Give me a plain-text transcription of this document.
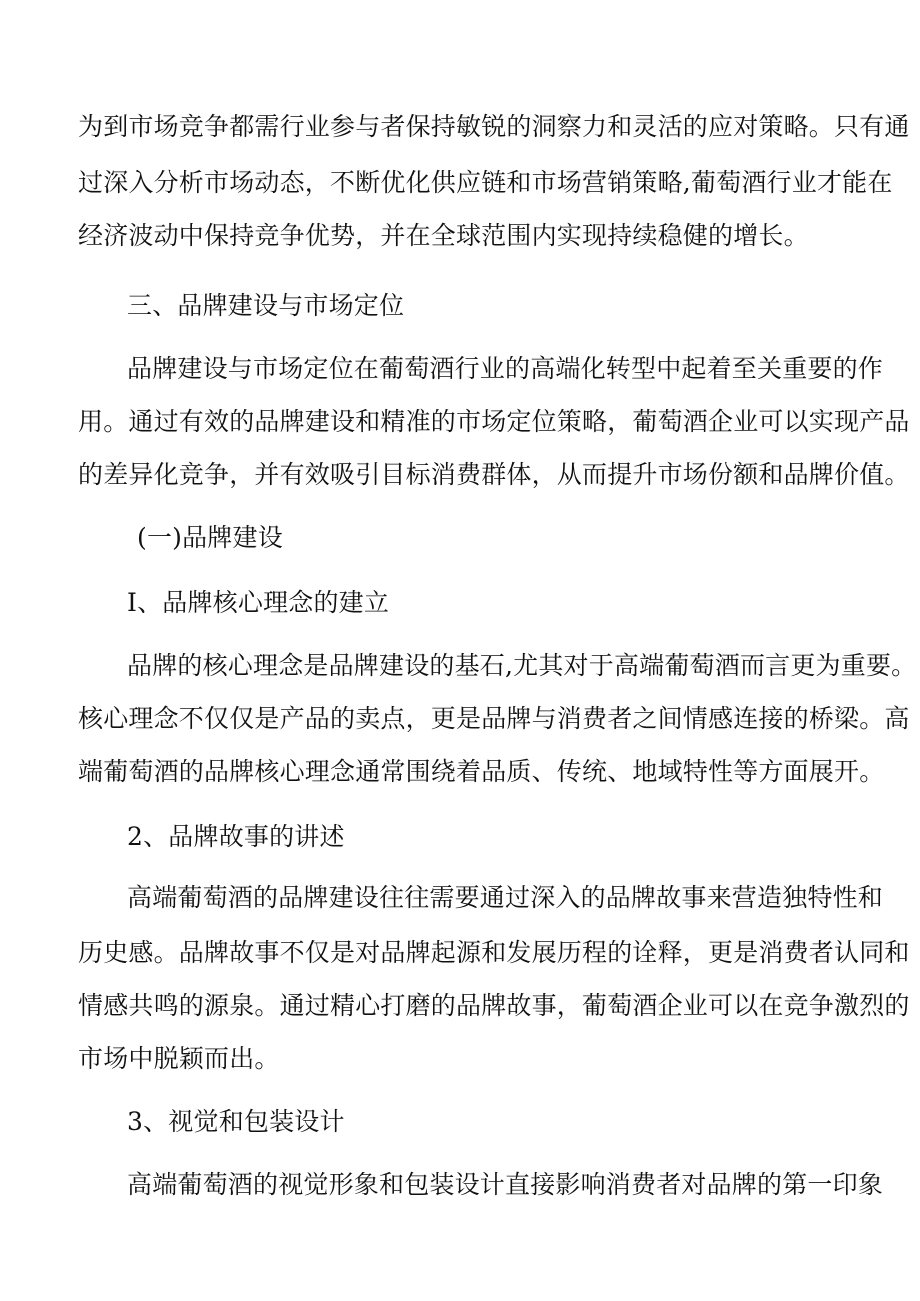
为到市场竞争都需行业参与者保持敏锐的洞察力和灵活的应对策略。只有通
过深入分析市场动态，不断优化供应链和市场营销策略,葡萄酒行业才能在
经济波动中保持竞争优势，并在全球范围内实现持续稳健的增长。
三、品牌建设与市场定位
品牌建设与市场定位在葡萄酒行业的高端化转型中起着至关重要的作
用。通过有效的品牌建设和精准的市场定位策略，葡萄酒企业可以实现产品
的差异化竞争，并有效吸引目标消费群体，从而提升市场份额和品牌价值。
(一)品牌建设
I、品牌核心理念的建立
品牌的核心理念是品牌建设的基石,尤其对于高端葡萄酒而言更为重要。
核心理念不仅仅是产品的卖点，更是品牌与消费者之间情感连接的桥梁。高
端葡萄酒的品牌核心理念通常围绕着品质、传统、地域特性等方面展开。
2、品牌故事的讲述
高端葡萄酒的品牌建设往往需要通过深入的品牌故事来营造独特性和
历史感。品牌故事不仅是对品牌起源和发展历程的诠释，更是消费者认同和
情感共鸣的源泉。通过精心打磨的品牌故事，葡萄酒企业可以在竞争激烈的
市场中脱颖而出。
3、视觉和包装设计
高端葡萄酒的视觉形象和包装设计直接影响消费者对品牌的第一印象
